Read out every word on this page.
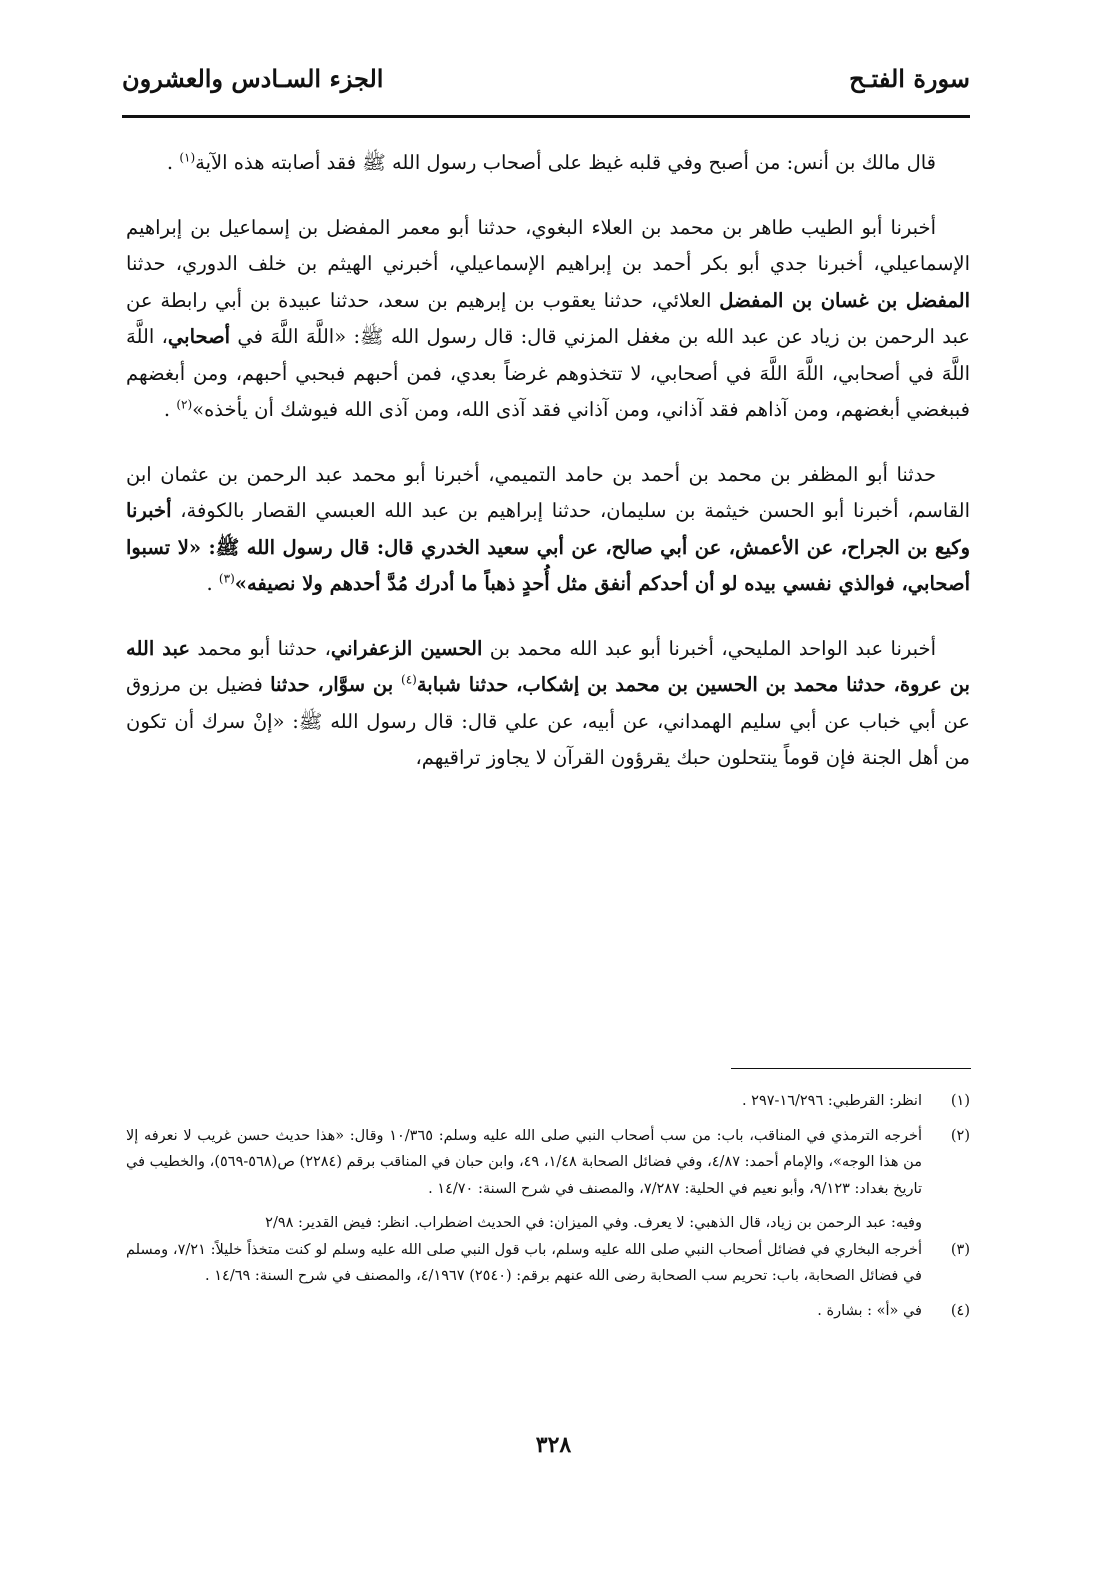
سورة الفتـح
الجزء السـادس والعشرون

قال مالك بن أنس: من أصبح وفي قلبه غيظ على أصحاب رسول الله ﷺ فقد أصابته هذه الآية$^{(١)}$ .

أخبرنا أبو الطيب طاهر بن محمد بن العلاء البغوي، حدثنا أبو معمر المفضل بن إسماعيل بن إبراهيم الإسماعيلي، أخبرنا جدي أبو بكر أحمد بن إبراهيم الإسماعيلي، أخبرني الهيثم بن خلف الدوري، حدثنا المفضل بن غسان بن المفضل العلائي، حدثنا يعقوب بن إبرهيم بن سعد، حدثنا عبيدة بن أبي رابطة عن عبد الرحمن بن زياد عن عبد الله بن مغفل المزني قال: قال رسول الله ﷺ: «اللَّهَ اللَّهَ في أصحابي، اللَّهَ اللَّهَ في أصحابي، اللَّهَ اللَّهَ في أصحابي، لا تتخذوهم غرضاً بعدي، فمن أحبهم فبحبي أحبهم، ومن أبغضهم فببغضي أبغضهم، ومن آذاهم فقد آذاني، ومن آذاني فقد آذى الله، ومن آذى الله فيوشك أن يأخذه»$^{(٢)}$ .

حدثنا أبو المظفر بن محمد بن أحمد بن حامد التميمي، أخبرنا أبو محمد عبد الرحمن بن عثمان ابن القاسم، أخبرنا أبو الحسن خيثمة بن سليمان، حدثنا إبراهيم بن عبد الله العبسي القصار بالكوفة، أخبرنا وكيع بن الجراح، عن الأعمش، عن أبي صالح، عن أبي سعيد الخدري قال: قال رسول الله ﷺ: «لا تسبوا أصحابي، فوالذي نفسي بيده لو أن أحدكم أنفق مثل أُحدٍ ذهباً ما أدرك مُدَّ أحدهم ولا نصيفه»$^{(٣)}$ .

أخبرنا عبد الواحد المليحي، أخبرنا أبو عبد الله محمد بن الحسين الزعفراني، حدثنا أبو محمد عبد الله بن عروة، حدثنا محمد بن الحسين بن محمد بن إشكاب، حدثنا شبابة$^{(٤)}$ بن سوَّار، حدثنا فضيل بن مرزوق عن أبي خباب عن أبي سليم الهمداني، عن أبيه، عن علي قال: قال رسول الله ﷺ: «إنْ سرك أن تكون من أهل الجنة فإن قوماً ينتحلون حبك يقرؤون القرآن لا يجاوز تراقيهم،

(١)
انظر: القرطبي: ١٦/٢٩٦-٢٩٧ .
(٢)
أخرجه الترمذي في المناقب، باب: من سب أصحاب النبي صلى الله عليه وسلم: ١٠/٣٦٥ وقال: «هذا حديث حسن غريب لا نعرفه إلا من هذا الوجه»، والإمام أحمد: ٤/٨٧، وفي فضائل الصحابة ١/٤٨، ٤٩، وابن حبان في المناقب برقم (٢٢٨٤) ص(٥٦٨-٥٦٩)، والخطيب في تاريخ بغداد: ٩/١٢٣، وأبو نعيم في الحلية: ٧/٢٨٧، والمصنف في شرح السنة: ١٤/٧٠ .
وفيه: عبد الرحمن بن زياد، قال الذهبي: لا يعرف. وفي الميزان: في الحديث اضطراب. انظر: فيض القدير: ٢/٩٨
(٣)
أخرجه البخاري في فضائل أصحاب النبي صلى الله عليه وسلم، باب قول النبي صلى الله عليه وسلم لو كنت متخذاً خليلاً: ٧/٢١، ومسلم في فضائل الصحابة، باب: تحريم سب الصحابة رضى الله عنهم برقم: (٢٥٤٠) ٤/١٩٦٧، والمصنف في شرح السنة: ١٤/٦٩ .
(٤)
في «أ» : بشارة .
٣٢٨
